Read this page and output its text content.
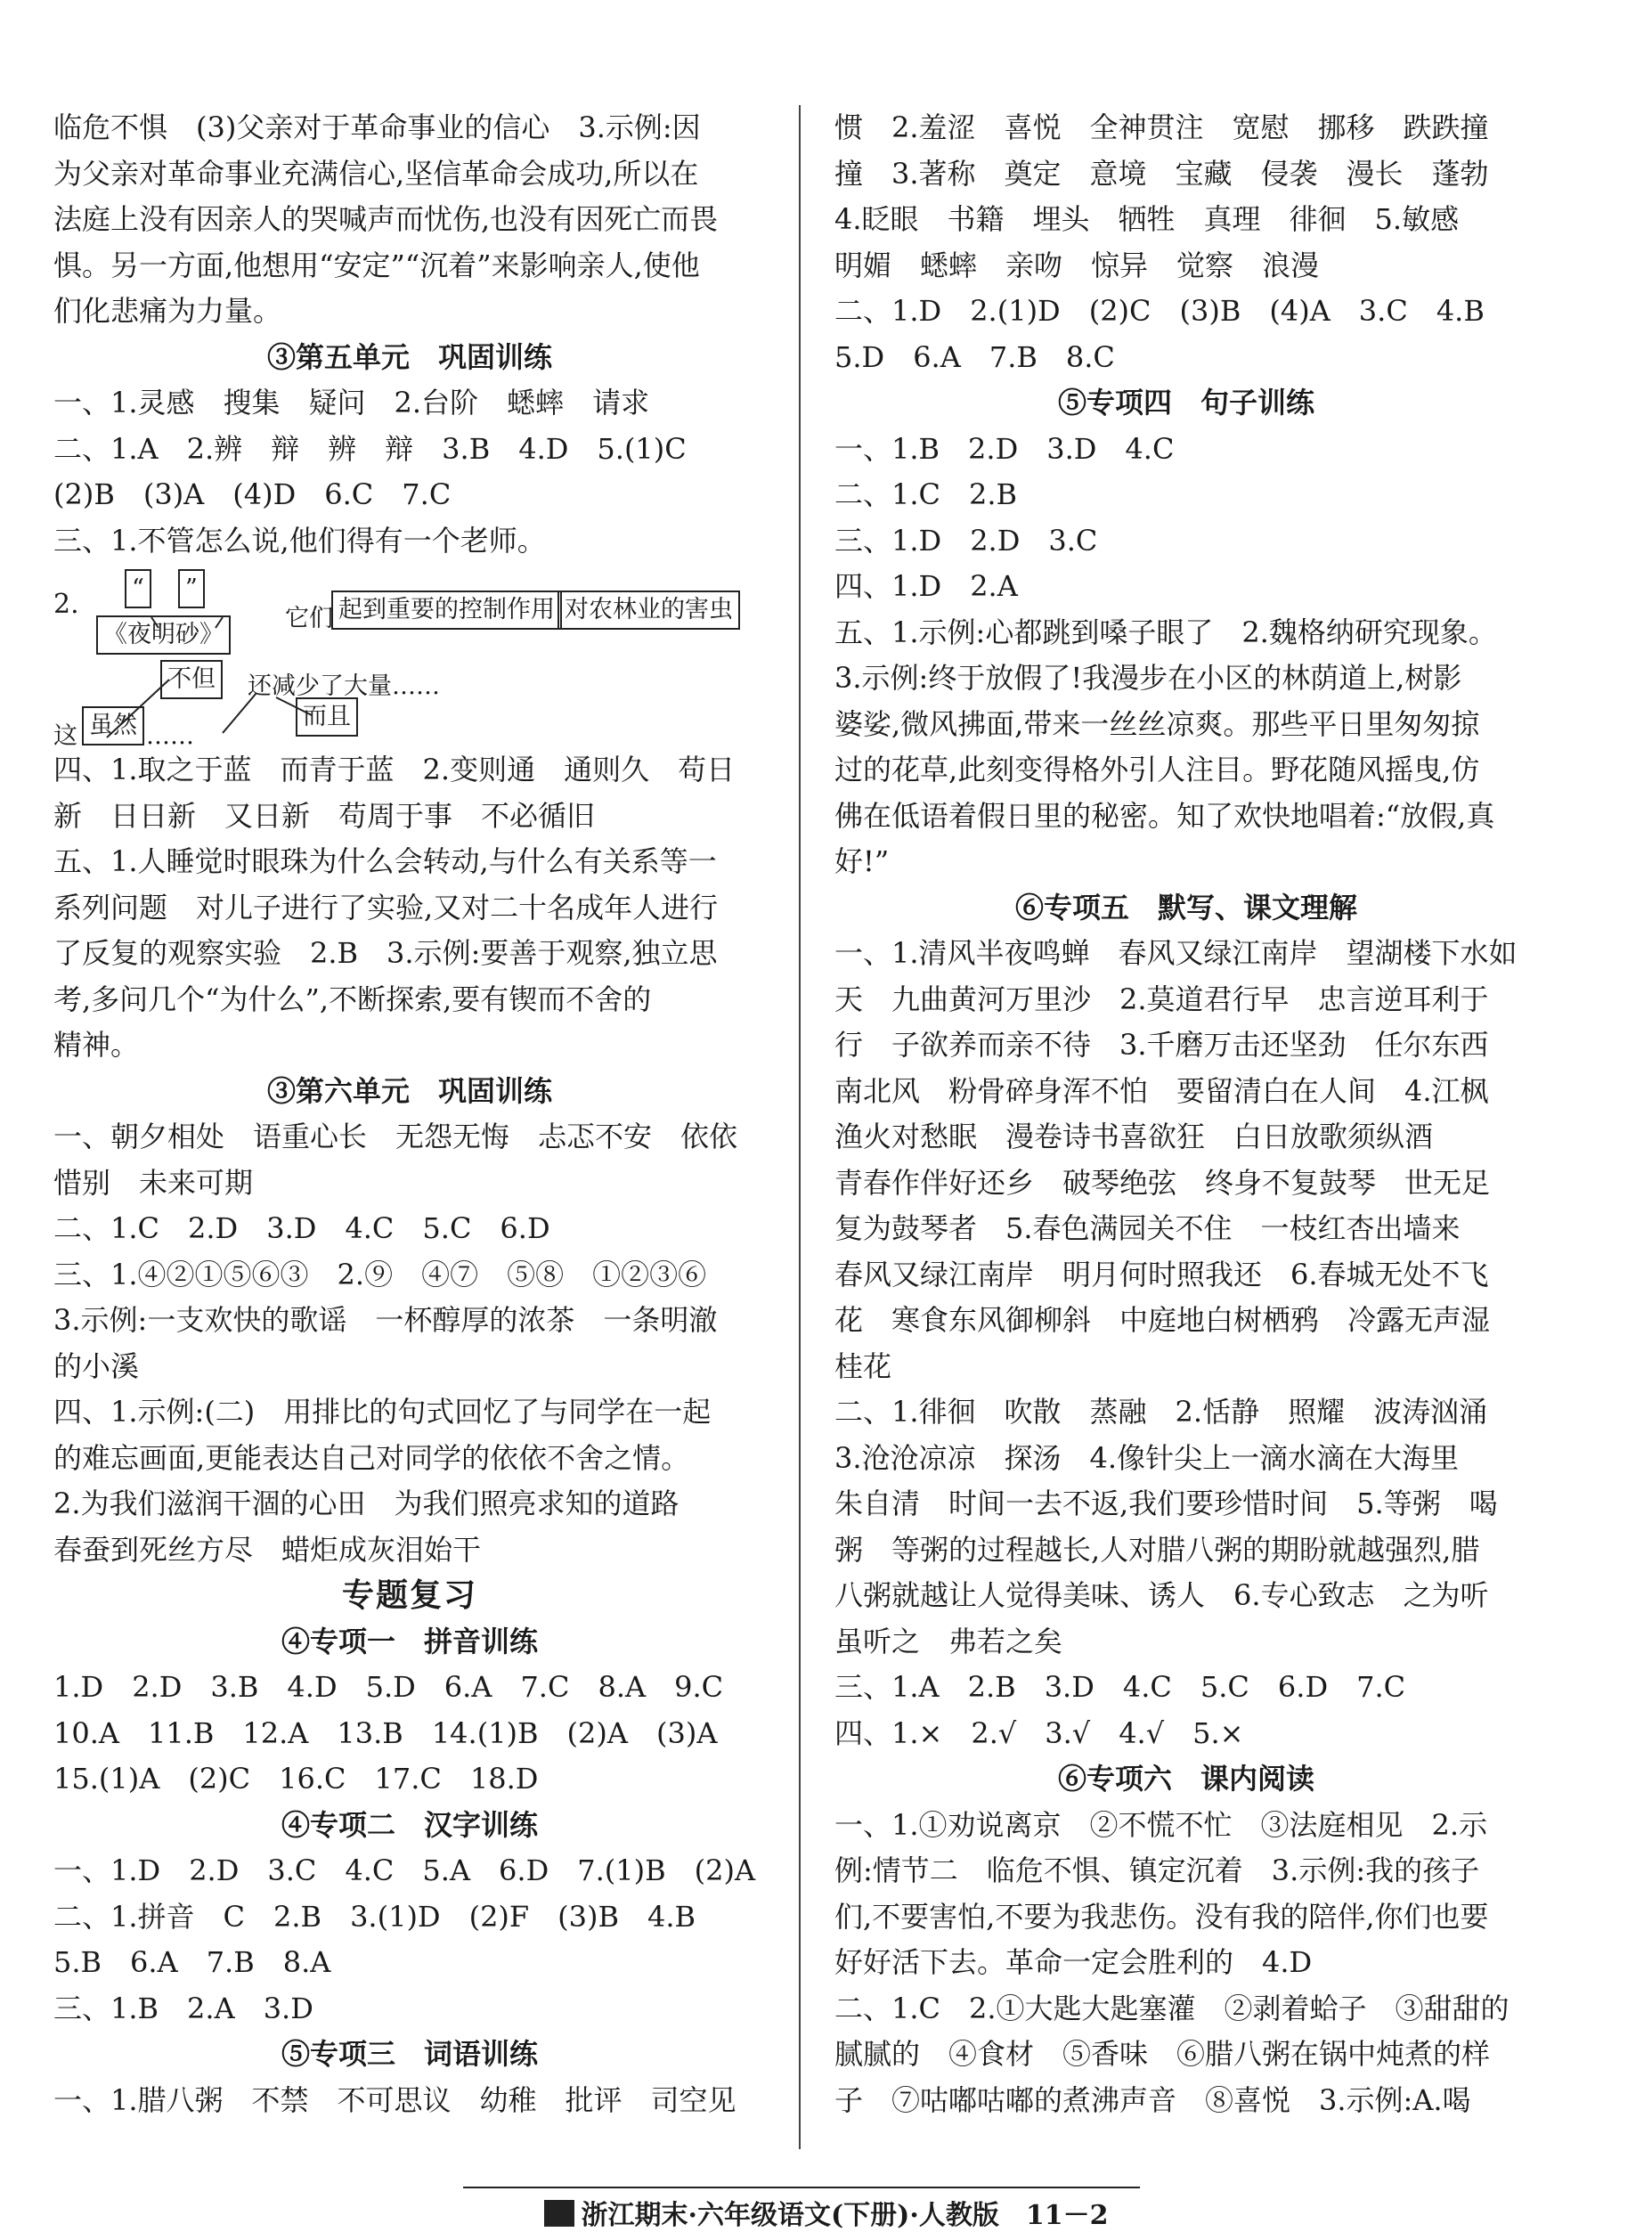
临危不惧　(3)父亲对于革命事业的信心　3.示例:因
为父亲对革命事业充满信心,坚信革命会成功,所以在
法庭上没有因亲人的哭喊声而忧伤,也没有因死亡而畏
惧。另一方面,他想用“安定”“沉着”来影响亲人,使他
们化悲痛为力量。
③第五单元　巩固训练
一、1.灵感　搜集　疑问　2.台阶　蟋蟀　请求
二、1.A　2.辨　辩　辨　辩　3.B　4.D　5.(1)C
(2)B　(3)A　(4)D　6.C　7.C
三、1.不管怎么说,他们得有一个老师。
2.
“ ”
《夜明砂》
它们 起到重要的控制作用 对农林业的害虫
不但 还减少了大量……
这 虽然 ……
而且
四、1.取之于蓝　而青于蓝　2.变则通　通则久　苟日
新　日日新　又日新　苟周于事　不必循旧
五、1.人睡觉时眼珠为什么会转动,与什么有关系等一
系列问题　对儿子进行了实验,又对二十名成年人进行
了反复的观察实验　2.B　3.示例:要善于观察,独立思
考,多问几个“为什么”,不断探索,要有锲而不舍的
精神。
③第六单元　巩固训练
一、朝夕相处　语重心长　无怨无悔　忐忑不安　依依
惜别　未来可期
二、1.C　2.D　3.D　4.C　5.C　6.D
三、1.④②①⑤⑥③　2.⑨　④⑦　⑤⑧　①②③⑥
3.示例:一支欢快的歌谣　一杯醇厚的浓茶　一条明澈
的小溪
四、1.示例:(二)　用排比的句式回忆了与同学在一起
的难忘画面,更能表达自己对同学的依依不舍之情。
2.为我们滋润干涸的心田　为我们照亮求知的道路
春蚕到死丝方尽　蜡炬成灰泪始干
专题复习
④专项一　拼音训练
1.D　2.D　3.B　4.D　5.D　6.A　7.C　8.A　9.C
10.A　11.B　12.A　13.B　14.(1)B　(2)A　(3)A
15.(1)A　(2)C　16.C　17.C　18.D
④专项二　汉字训练
一、1.D　2.D　3.C　4.C　5.A　6.D　7.(1)B　(2)A
二、1.拼音　C　2.B　3.(1)D　(2)F　(3)B　4.B
5.B　6.A　7.B　8.A
三、1.B　2.A　3.D
⑤专项三　词语训练
一、1.腊八粥　不禁　不可思议　幼稚　批评　司空见
惯　2.羞涩　喜悦　全神贯注　宽慰　挪移　跌跌撞
撞　3.著称　奠定　意境　宝藏　侵袭　漫长　蓬勃
4.眨眼　书籍　埋头　牺牲　真理　徘徊　5.敏感
明媚　蟋蟀　亲吻　惊异　觉察　浪漫
二、1.D　2.(1)D　(2)C　(3)B　(4)A　3.C　4.B
5.D　6.A　7.B　8.C
⑤专项四　句子训练
一、1.B　2.D　3.D　4.C
二、1.C　2.B
三、1.D　2.D　3.C
四、1.D　2.A
五、1.示例:心都跳到嗓子眼了　2.魏格纳研究现象。
3.示例:终于放假了!我漫步在小区的林荫道上,树影
婆娑,微风拂面,带来一丝丝凉爽。那些平日里匆匆掠
过的花草,此刻变得格外引人注目。野花随风摇曳,仿
佛在低语着假日里的秘密。知了欢快地唱着:“放假,真
好!”
⑥专项五　默写、课文理解
一、1.清风半夜鸣蝉　春风又绿江南岸　望湖楼下水如
天　九曲黄河万里沙　2.莫道君行早　忠言逆耳利于
行　子欲养而亲不待　3.千磨万击还坚劲　任尔东西
南北风　粉骨碎身浑不怕　要留清白在人间　4.江枫
渔火对愁眠　漫卷诗书喜欲狂　白日放歌须纵酒
青春作伴好还乡　破琴绝弦　终身不复鼓琴　世无足
复为鼓琴者　5.春色满园关不住　一枝红杏出墙来
春风又绿江南岸　明月何时照我还　6.春城无处不飞
花　寒食东风御柳斜　中庭地白树栖鸦　冷露无声湿
桂花
二、1.徘徊　吹散　蒸融　2.恬静　照耀　波涛汹涌
3.沧沧凉凉　探汤　4.像针尖上一滴水滴在大海里
朱自清　时间一去不返,我们要珍惜时间　5.等粥　喝
粥　等粥的过程越长,人对腊八粥的期盼就越强烈,腊
八粥就越让人觉得美味、诱人　6.专心致志　之为听
虽听之　弗若之矣
三、1.A　2.B　3.D　4.C　5.C　6.D　7.C
四、1.×　2.√　3.√　4.√　5.×
⑥专项六　课内阅读
一、1.①劝说离京　②不慌不忙　③法庭相见　2.示
例:情节二　临危不惧、镇定沉着　3.示例:我的孩子
们,不要害怕,不要为我悲伤。没有我的陪伴,你们也要
好好活下去。革命一定会胜利的　4.D
二、1.C　2.①大匙大匙塞灌　②剥着蛤子　③甜甜的
腻腻的　④食材　⑤香味　⑥腊八粥在锅中炖煮的样
子　⑦咕嘟咕嘟的煮沸声音　⑧喜悦　3.示例:A.喝
浙江期末·六年级语文(下册)·人教版　11－2
